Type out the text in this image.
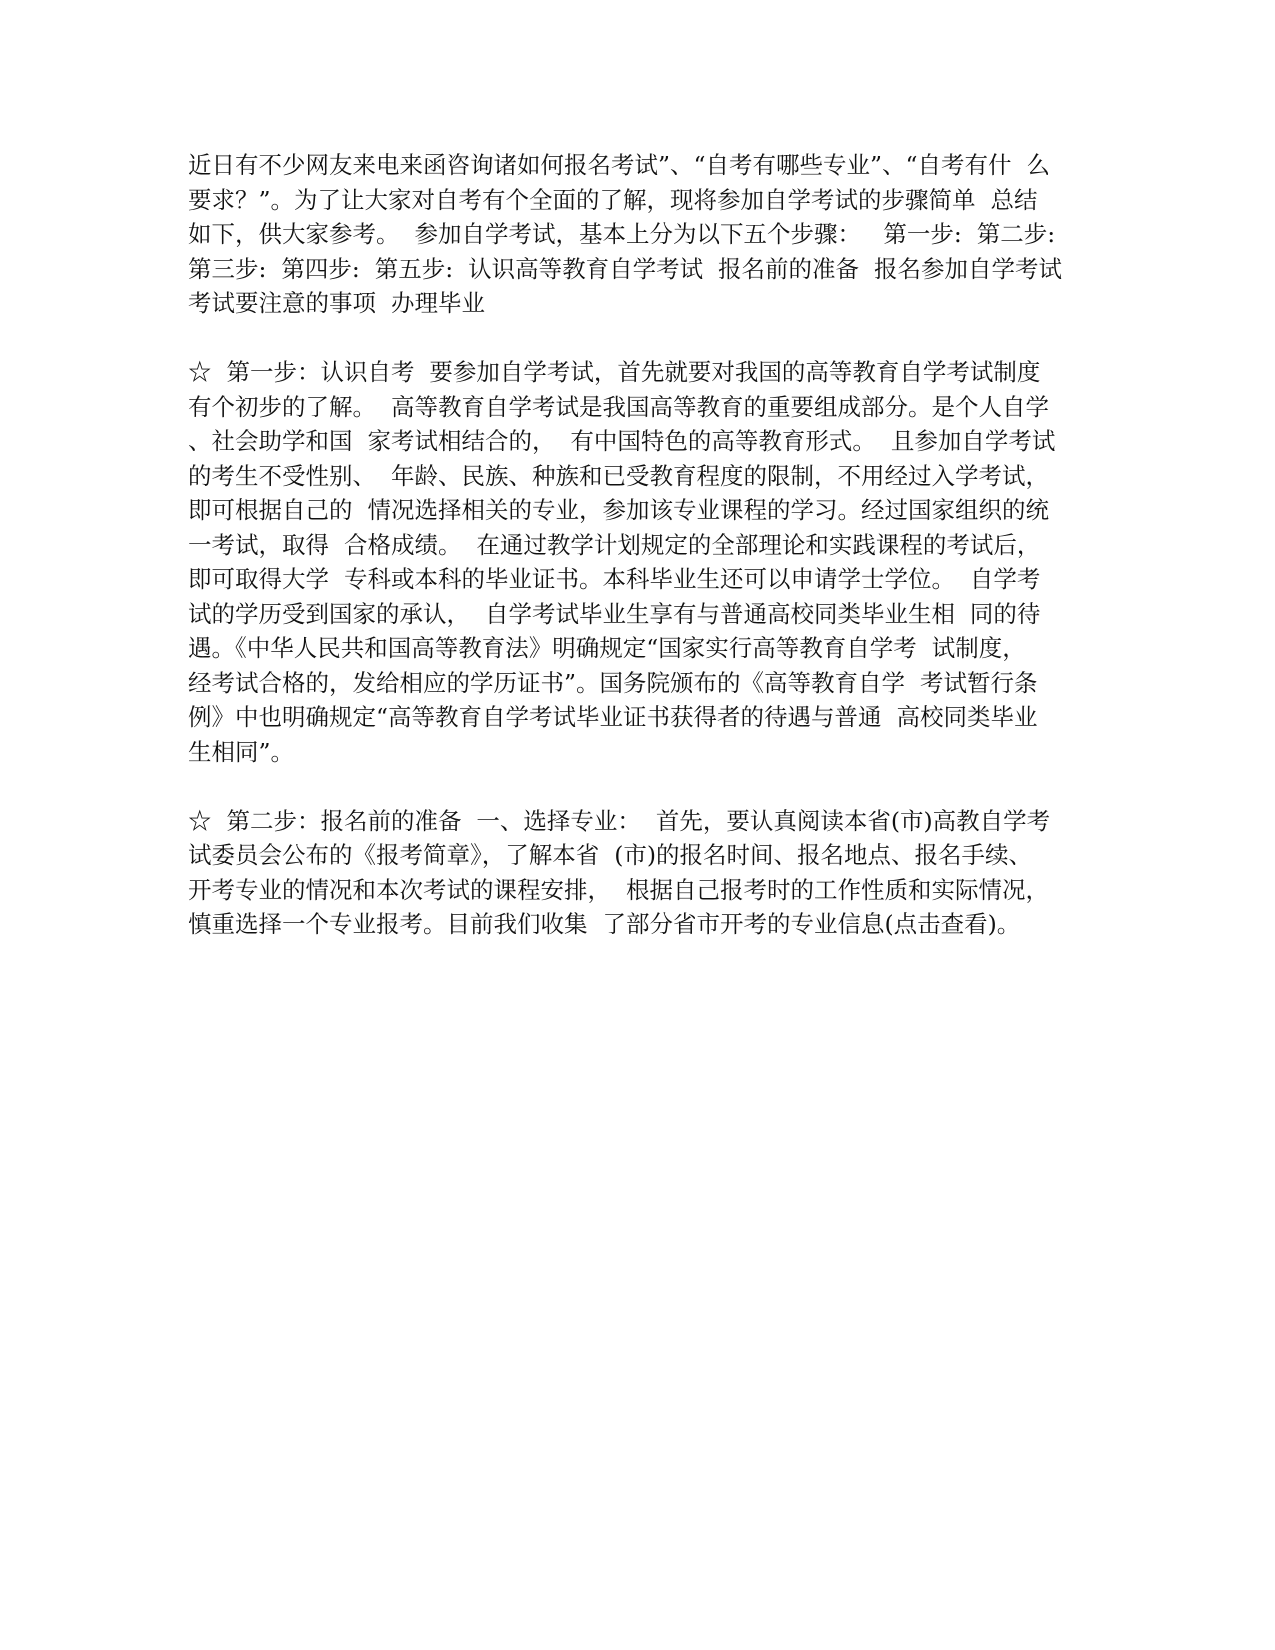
近日有不少网友来电来函咨询诸如何报名考试”、“自考有哪些专业”、“自考有什  么
要求？”。为了让大家对自考有个全面的了解，现将参加自学考试的步骤简单  总结
如下，供大家参考。  参加自学考试，基本上分为以下五个步骤：   第一步:  第二步:
第三步:  第四步:  第五步:  认识高等教育自学考试  报名前的准备  报名参加自学考试
考试要注意的事项  办理毕业
☆  第一步：认识自考  要参加自学考试，首先就要对我国的高等教育自学考试制度
有个初步的了解。  高等教育自学考试是我国高等教育的重要组成部分。是个人自学
、社会助学和国  家考试相结合的，  有中国特色的高等教育形式。  且参加自学考试
的考生不受性别、  年龄、民族、种族和已受教育程度的限制，不用经过入学考试，
即可根据自己的  情况选择相关的专业，参加该专业课程的学习。经过国家组织的统
一考试，取得  合格成绩。  在通过教学计划规定的全部理论和实践课程的考试后，
即可取得大学  专科或本科的毕业证书。本科毕业生还可以申请学士学位。  自学考
试的学历受到国家的承认，  自学考试毕业生享有与普通高校同类毕业生相  同的待
遇。《中华人民共和国高等教育法》明确规定“国家实行高等教育自学考  试制度，
经考试合格的，发给相应的学历证书”。国务院颁布的《高等教育自学  考试暂行条
例》中也明确规定“高等教育自学考试毕业证书获得者的待遇与普通  高校同类毕业
生相同”。
☆  第二步：报名前的准备  一、选择专业：  首先，要认真阅读本省(市)高教自学考
试委员会公布的《报考简章》，了解本省  (市)的报名时间、报名地点、报名手续、
开考专业的情况和本次考试的课程安排，  根据自己报考时的工作性质和实际情况，
慎重选择一个专业报考。目前我们收集  了部分省市开考的专业信息(点击查看)。
